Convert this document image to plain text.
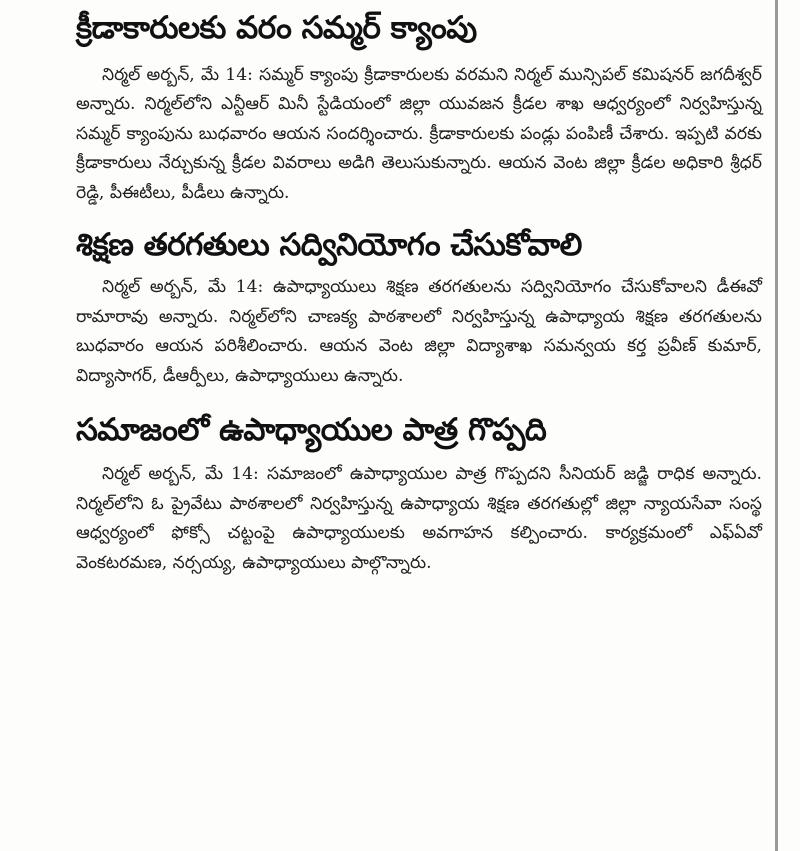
క్రీడాకారులకు వరం సమ్మర్ క్యాంపు

నిర్మల్ అర్బన్, మే 14: సమ్మర్ క్యాంపు క్రీడాకారులకు వరమని నిర్మల్ మున్సిపల్ కమిషనర్ జగదీశ్వర్ అన్నారు. నిర్మల్‌లోని ఎన్టీఆర్ మినీ స్టేడియంలో జిల్లా యువజన క్రీడల శాఖ ఆధ్వర్యంలో నిర్వహిస్తున్న సమ్మర్ క్యాంపును బుధవారం ఆయన సందర్శించారు. క్రీడాకారులకు పండ్లు పంపిణీ చేశారు. ఇప్పటి వరకు క్రీడాకారులు నేర్చుకున్న క్రీడల వివరాలు అడిగి తెలుసుకున్నారు. ఆయన వెంట జిల్లా క్రీడల అధికారి శ్రీధర్ రెడ్డి, పీఈటీలు, పీడీలు ఉన్నారు.

శిక్షణ తరగతులు సద్వినియోగం చేసుకోవాలి

నిర్మల్ అర్బన్, మే 14: ఉపాధ్యాయులు శిక్షణ తరగతులను సద్వినియోగం చేసుకోవాలని డీఈవో రామారావు అన్నారు. నిర్మల్‌లోని చాణక్య పాఠశాలలో నిర్వహిస్తున్న ఉపాధ్యాయ శిక్షణ తరగతులను బుధవారం ఆయన పరిశీలించారు. ఆయన వెంట జిల్లా విద్యాశాఖ సమన్వయ కర్త ప్రవీణ్ కుమార్, విద్యాసాగర్, డీఆర్పీలు, ఉపాధ్యాయులు ఉన్నారు.

సమాజంలో ఉపాధ్యాయుల పాత్ర గొప్పది

నిర్మల్ అర్బన్, మే 14: సమాజంలో ఉపాధ్యాయుల పాత్ర గొప్పదని సీనియర్ జడ్జి రాధిక అన్నారు. నిర్మల్‌లోని ఓ ప్రైవేటు పాఠశాలలో నిర్వహిస్తున్న ఉపాధ్యాయ శిక్షణ తరగతుల్లో జిల్లా న్యాయసేవా సంస్థ ఆధ్వర్యంలో ఫోక్సో చట్టంపై ఉపాధ్యాయులకు అవగాహన కల్పించారు. కార్యక్రమంలో ఎఫ్ఏవో వెంకటరమణ, నర్సయ్య, ఉపాధ్యాయులు పాల్గొన్నారు.
